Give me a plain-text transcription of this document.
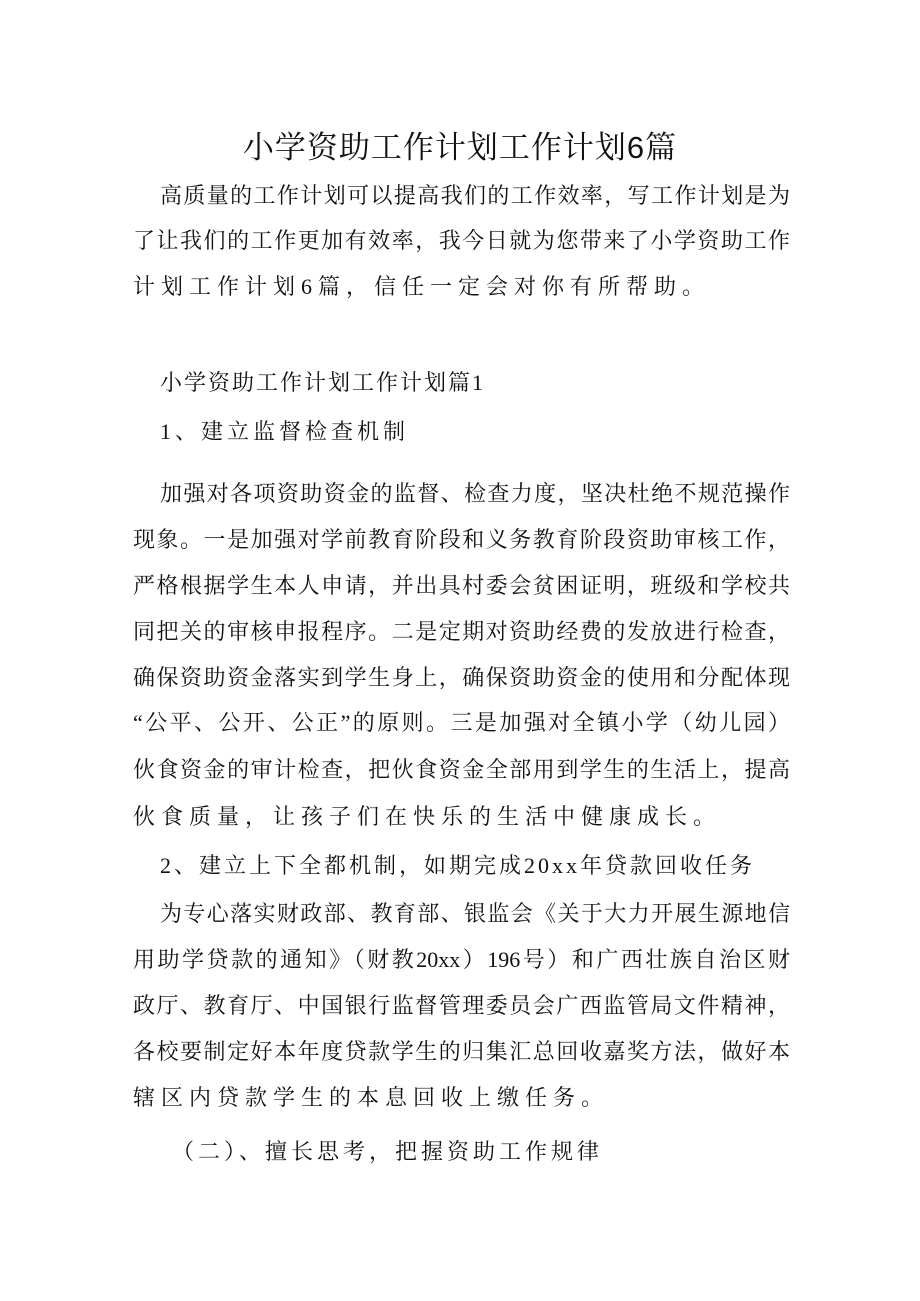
小学资助工作计划工作计划6篇
高质量的工作计划可以提高我们的工作效率，写工作计划是为
了让我们的工作更加有效率，我今日就为您带来了小学资助工作
计划工作计划6篇，信任一定会对你有所帮助。
小学资助工作计划工作计划篇1
1、建立监督检查机制
加强对各项资助资金的监督、检查力度，坚决杜绝不规范操作
现象。一是加强对学前教育阶段和义务教育阶段资助审核工作，
严格根据学生本人申请，并出具村委会贫困证明，班级和学校共
同把关的审核申报程序。二是定期对资助经费的发放进行检查，
确保资助资金落实到学生身上，确保资助资金的使用和分配体现
“公平、公开、公正”的原则。三是加强对全镇小学（幼儿园）
伙食资金的审计检查，把伙食资金全部用到学生的生活上，提高
伙食质量，让孩子们在快乐的生活中健康成长。
2、建立上下全都机制，如期完成20xx年贷款回收任务
为专心落实财政部、教育部、银监会《关于大力开展生源地信
用助学贷款的通知》（财教20xx）196号）和广西壮族自治区财
政厅、教育厅、中国银行监督管理委员会广西监管局文件精神，
各校要制定好本年度贷款学生的归集汇总回收嘉奖方法，做好本
辖区内贷款学生的本息回收上缴任务。
（二）、擅长思考，把握资助工作规律
